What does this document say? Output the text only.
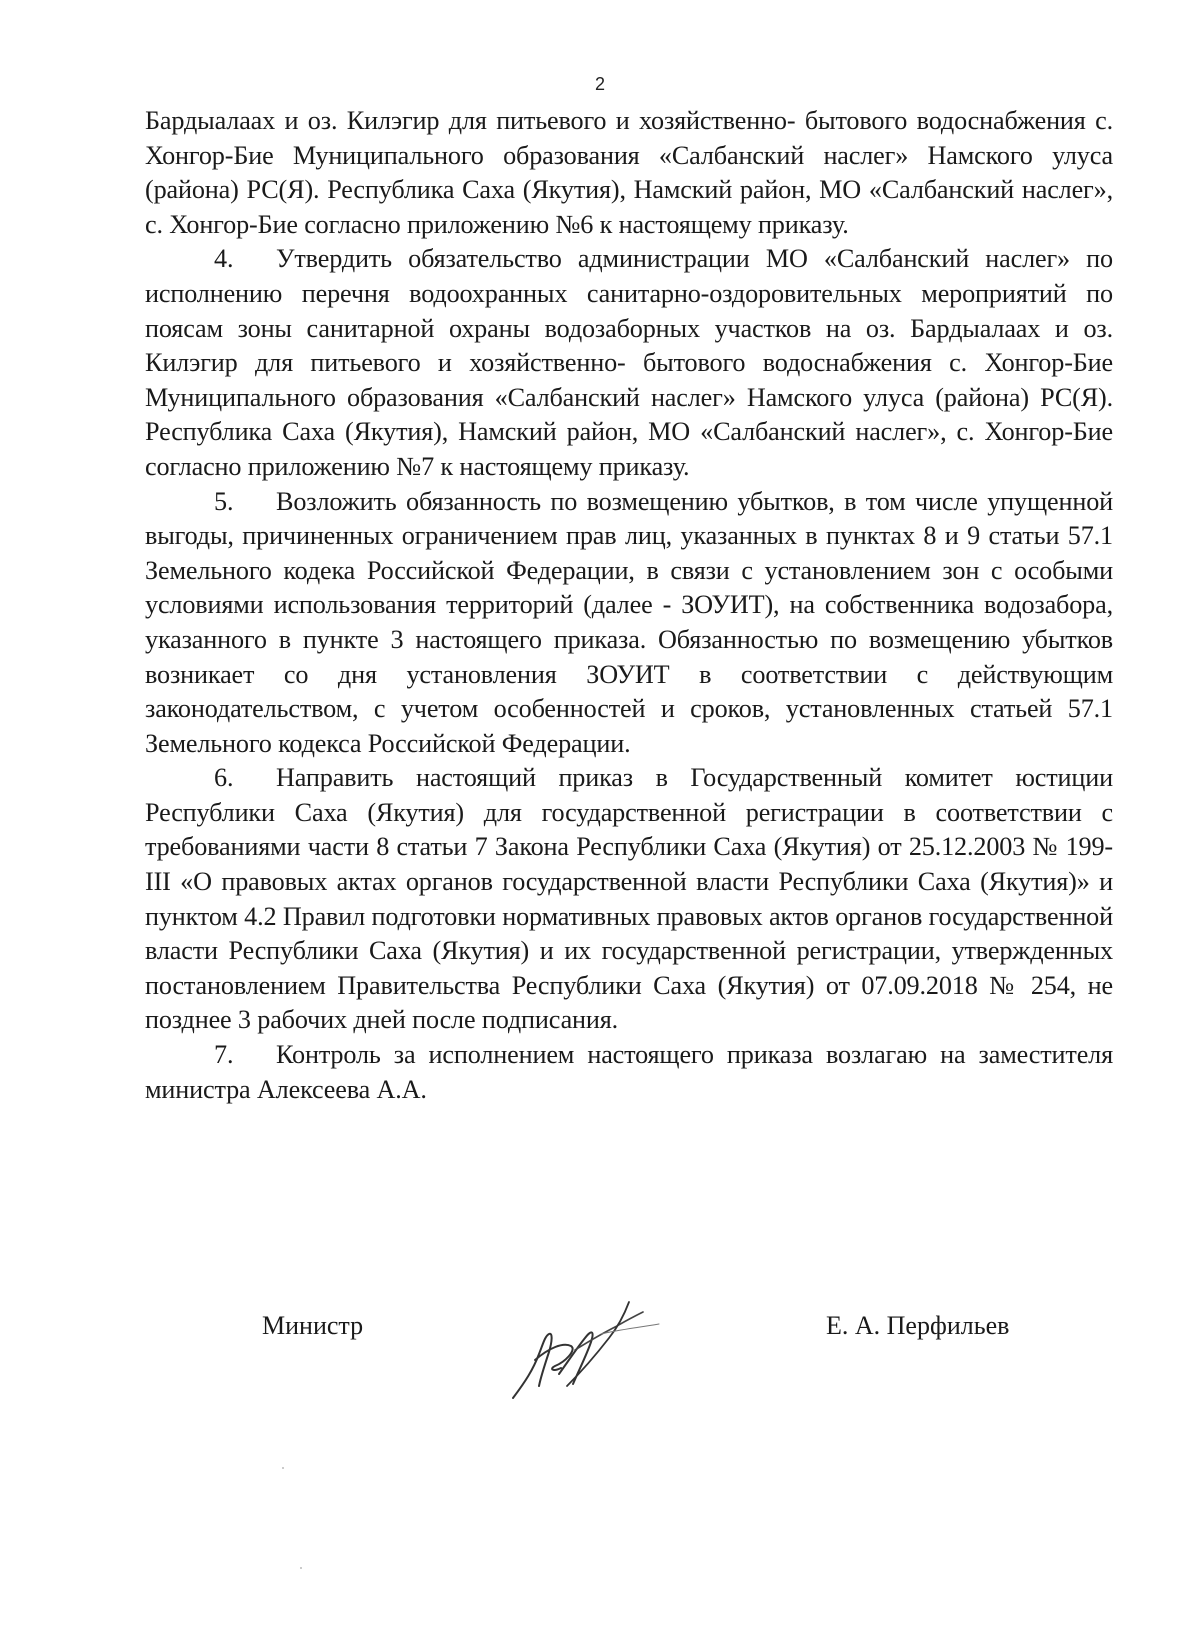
2

Бардыалаах и оз. Килэгир для питьевого и хозяйственно- бытового водоснабжения с. Хонгор-Бие Муниципального образования «Салбанский наслег» Намского улуса (района) РС(Я). Республика Саха (Якутия), Намский район, МО «Салбанский наслег», с. Хонгор-Бие согласно приложению №6 к настоящему приказу.

4. Утвердить обязательство администрации МО «Салбанский наслег» по исполнению перечня водоохранных санитарно-оздоровительных мероприятий по поясам зоны санитарной охраны водозаборных участков на оз. Бардыалаах и оз. Килэгир для питьевого и хозяйственно- бытового водоснабжения с. Хонгор-Бие Муниципального образования «Салбанский наслег» Намского улуса (района) РС(Я). Республика Саха (Якутия), Намский район, МО «Салбанский наслег», с. Хонгор-Бие согласно приложению №7 к настоящему приказу.

5. Возложить обязанность по возмещению убытков, в том числе упущенной выгоды, причиненных ограничением прав лиц, указанных в пунктах 8 и 9 статьи 57.1 Земельного кодека Российской Федерации, в связи с установлением зон с особыми условиями использования территорий (далее - ЗОУИТ), на собственника водозабора, указанного в пункте 3 настоящего приказа. Обязанностью по возмещению убытков возникает со дня установления ЗОУИТ в соответствии с действующим законодательством, с учетом особенностей и сроков, установленных статьей 57.1 Земельного кодекса Российской Федерации.

6. Направить настоящий приказ в Государственный комитет юстиции Республики Саха (Якутия) для государственной регистрации в соответствии с требованиями части 8 статьи 7 Закона Республики Саха (Якутия) от 25.12.2003 № 199-III «О правовых актах органов государственной власти Республики Саха (Якутия)» и пунктом 4.2 Правил подготовки нормативных правовых актов органов государственной власти Республики Саха (Якутия) и их государственной регистрации, утвержденных постановлением Правительства Республики Саха (Якутия) от 07.09.2018 № 254, не позднее 3 рабочих дней после подписания.

7. Контроль за исполнением настоящего приказа возлагаю на заместителя министра Алексеева А.А.

Министр	Е. А. Перфильев
